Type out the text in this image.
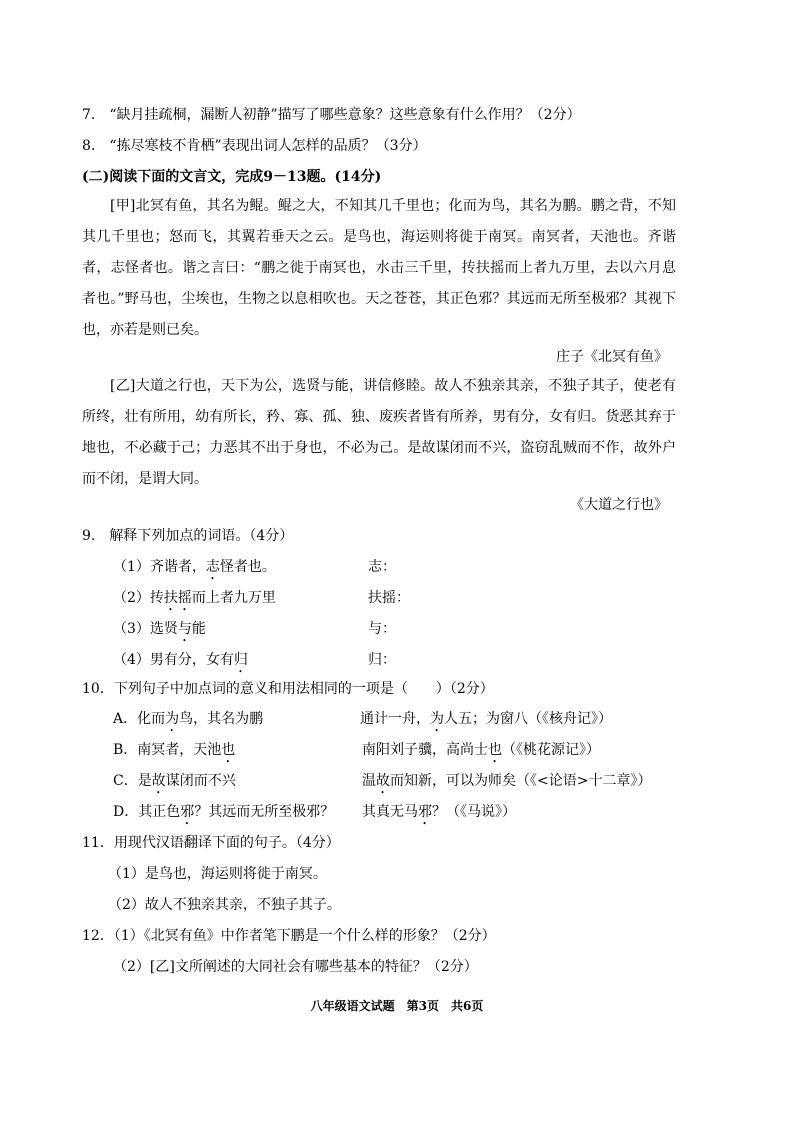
7.　“缺月挂疏桐，漏断人初静”描写了哪些意象？这些意象有什么作用？（2分）
8.　“拣尽寒枝不肯栖”表现出词人怎样的品质？（3分）
(二)阅读下面的文言文，完成9－13题。(14分)
[甲]北冥有鱼，其名为鲲。鲲之大，不知其几千里也；化而为鸟，其名为鹏。鹏之背，不知其几千里也；怒而飞，其翼若垂天之云。是鸟也，海运则将徙于南冥。南冥者，天池也。齐谐者，志怪者也。谐之言曰：“鹏之徙于南冥也，水击三千里，抟扶摇而上者九万里，去以六月息者也。”野马也，尘埃也，生物之以息相吹也。天之苍苍，其正色邪？其远而无所至极邪？其视下也，亦若是则已矣。
庄子《北冥有鱼》
[乙]大道之行也，天下为公，选贤与能，讲信修睦。故人不独亲其亲，不独子其子，使老有所终，壮有所用，幼有所长，矜、寡、孤、独、废疾者皆有所养，男有分，女有归。货恶其弃于地也，不必藏于己；力恶其不出于身也，不必为己。是故谋闭而不兴，盗窃乱贼而不作，故外户而不闭，是谓大同。
《大道之行也》
9.　解释下列加点的词语。（4分）
（1）齐谐者，志怪者也。	志：
（2）抟扶摇而上者九万里	扶摇：
（3）选贤与能	与：
（4）男有分，女有归	归：
10．下列句子中加点词的意义和用法相同的一项是（　　）（2分）
A．化而为鸟，其名为鹏	通计一舟，为人五；为窗八（《核舟记》）
B．南冥者，天池也	南阳刘子骥，高尚士也（《桃花源记》）
C．是故谋闭而不兴	温故而知新，可以为师矣（《<论语>十二章》）
D．其正色邪？其远而无所至极邪？ 其真无马邪？（《马说》）
11．用现代汉语翻译下面的句子。（4分）
（1）是鸟也，海运则将徙于南冥。
（2）故人不独亲其亲，不独子其子。
12．（1）《北冥有鱼》中作者笔下鹏是一个什么样的形象？（2分）
（2）[乙]文所阐述的大同社会有哪些基本的特征？（2分）
八年级语文试题　第3页　共6页
